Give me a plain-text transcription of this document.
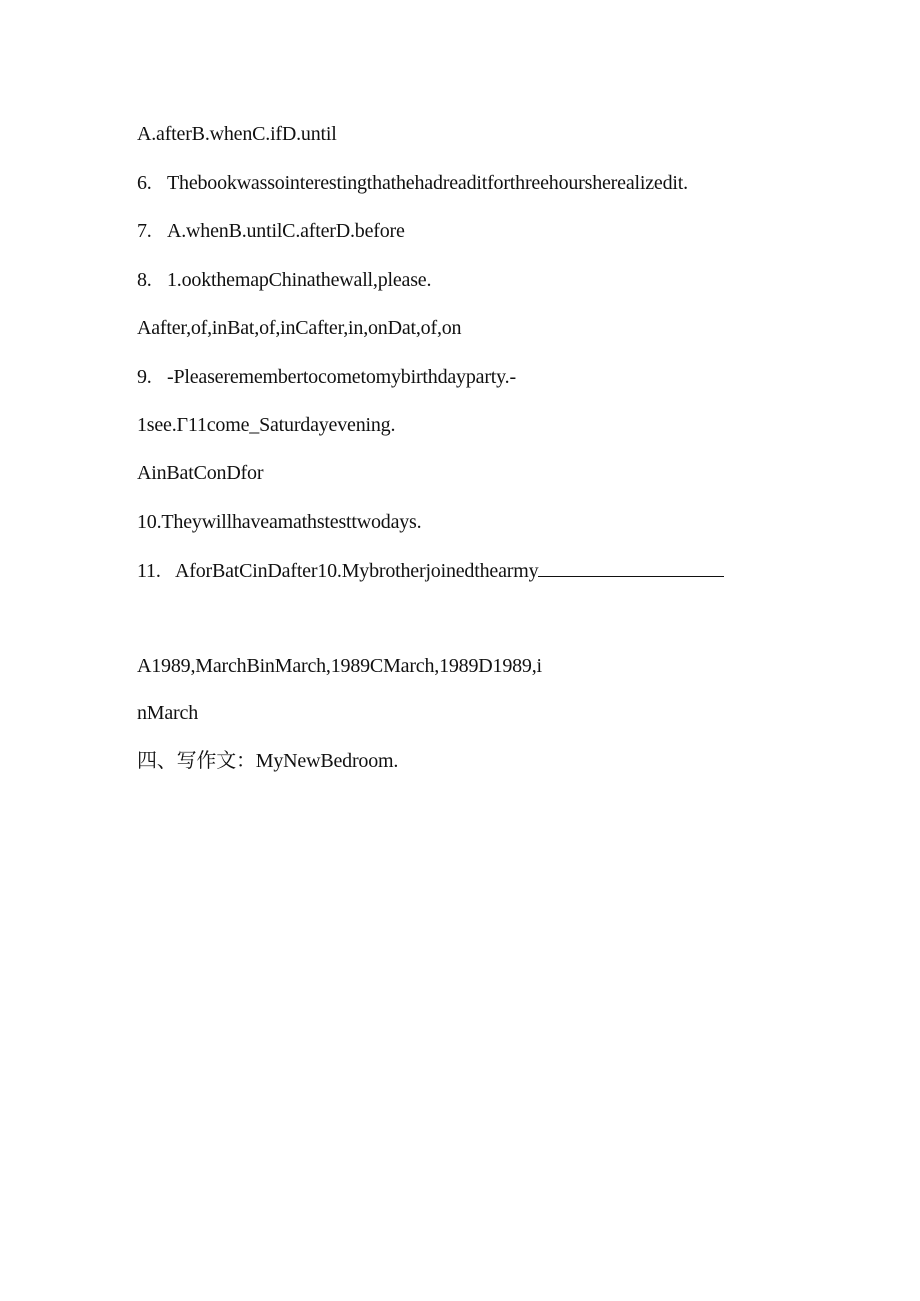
A.afterB.whenC.ifD.until
6. Thebookwassointerestingthathehadreaditforthreehoursherealizedit.
7. A.whenB.untilC.afterD.before
8. 1.ookthemapChinathewall,please.
Aafter,of,inBat,of,inCafter,in,onDat,of,on
9. -Pleaseremembertocometomybirthdayparty.-
1see.Γ11come_Saturdayevening.
AinBatConDfor
10.Theywillhaveamathstesttwodays.
11. AforBatCinDafter10.Mybrotherjoinedthearmy
A1989,MarchBinMarch,1989CMarch,1989D1989,i
nMarch
四、写作文：MyNewBedroom.
